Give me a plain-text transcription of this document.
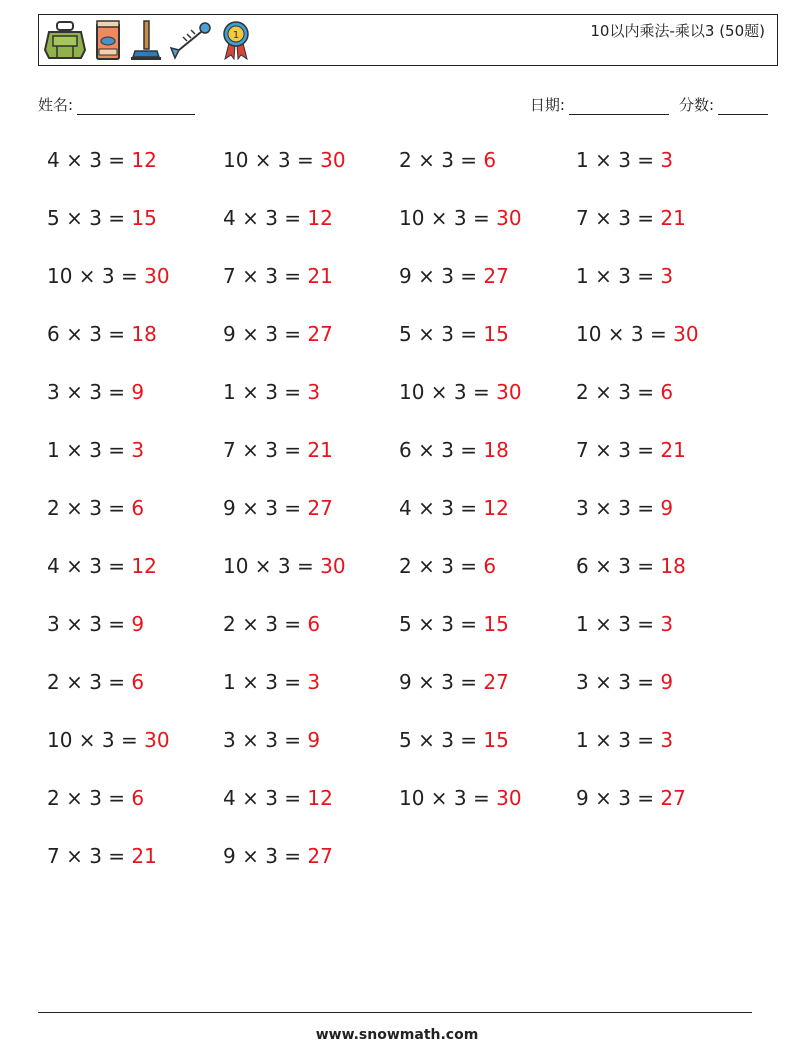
1	10以内乘法-乘以3 (50题)
姓名:	日期:	分数:
4 × 3 = 12	10 × 3 = 30	2 × 3 = 6	1 × 3 = 3
5 × 3 = 15	4 × 3 = 12	10 × 3 = 30	7 × 3 = 21
10 × 3 = 30	7 × 3 = 21	9 × 3 = 27	1 × 3 = 3
6 × 3 = 18	9 × 3 = 27	5 × 3 = 15	10 × 3 = 30
3 × 3 = 9	1 × 3 = 3	10 × 3 = 30	2 × 3 = 6
1 × 3 = 3	7 × 3 = 21	6 × 3 = 18	7 × 3 = 21
2 × 3 = 6	9 × 3 = 27	4 × 3 = 12	3 × 3 = 9
4 × 3 = 12	10 × 3 = 30	2 × 3 = 6	6 × 3 = 18
3 × 3 = 9	2 × 3 = 6	5 × 3 = 15	1 × 3 = 3
2 × 3 = 6	1 × 3 = 3	9 × 3 = 27	3 × 3 = 9
10 × 3 = 30	3 × 3 = 9	5 × 3 = 15	1 × 3 = 3
2 × 3 = 6	4 × 3 = 12	10 × 3 = 30	9 × 3 = 27
7 × 3 = 21	9 × 3 = 27
www.snowmath.com
